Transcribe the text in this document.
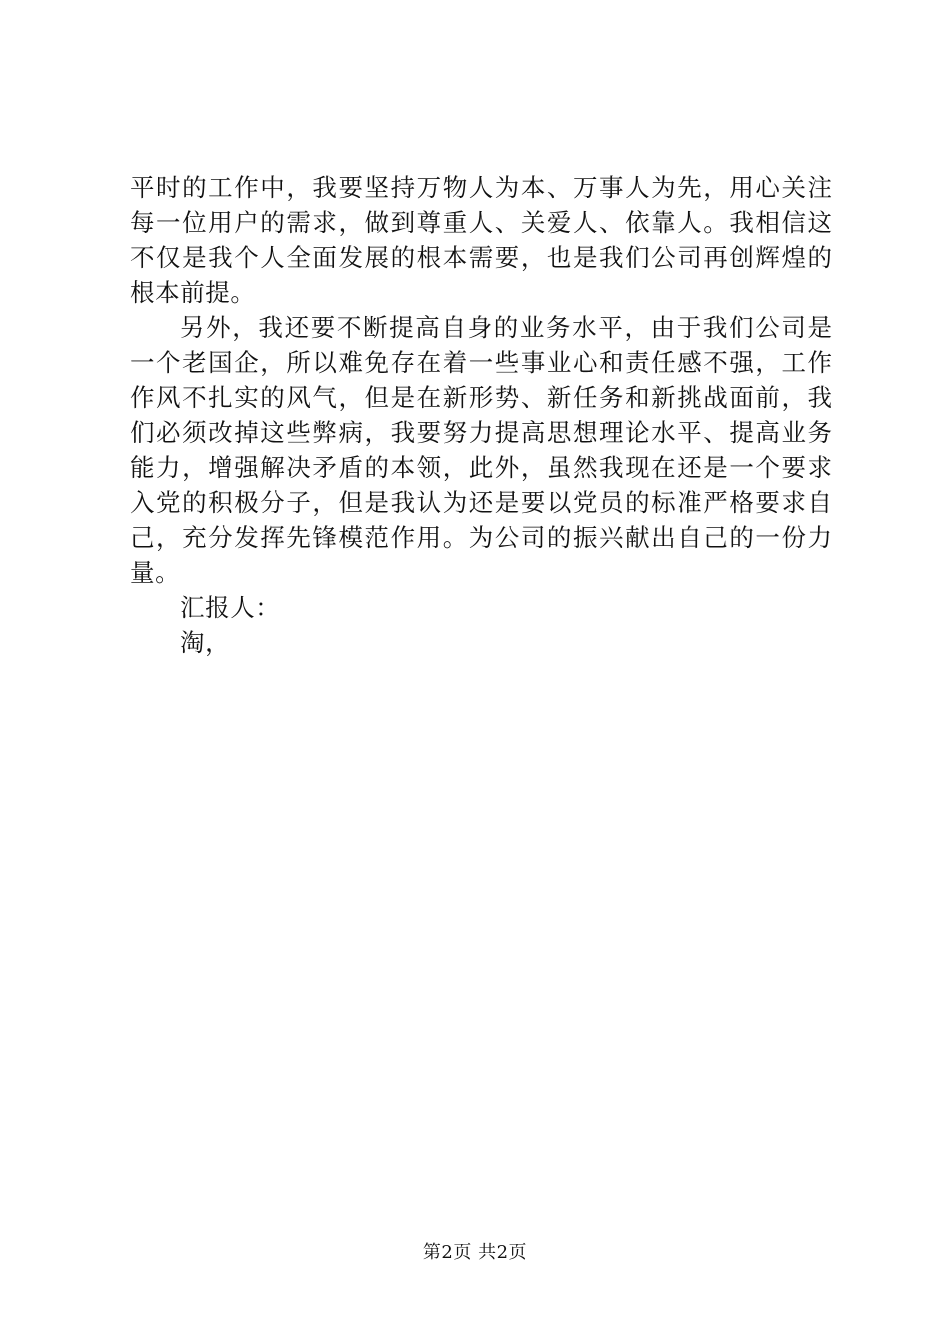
平时的工作中，我要坚持万物人为本、万事人为先，用心关注
每一位用户的需求，做到尊重人、关爱人、依靠人。我相信这
不仅是我个人全面发展的根本需要，也是我们公司再创辉煌的
根本前提。
另外，我还要不断提高自身的业务水平，由于我们公司是
一个老国企，所以难免存在着一些事业心和责任感不强，工作
作风不扎实的风气，但是在新形势、新任务和新挑战面前，我
们必须改掉这些弊病，我要努力提高思想理论水平、提高业务
能力，增强解决矛盾的本领，此外，虽然我现在还是一个要求
入党的积极分子，但是我认为还是要以党员的标准严格要求自
己，充分发挥先锋模范作用。为公司的振兴献出自己的一份力
量。
汇报人：
淘，
第2页 共2页
